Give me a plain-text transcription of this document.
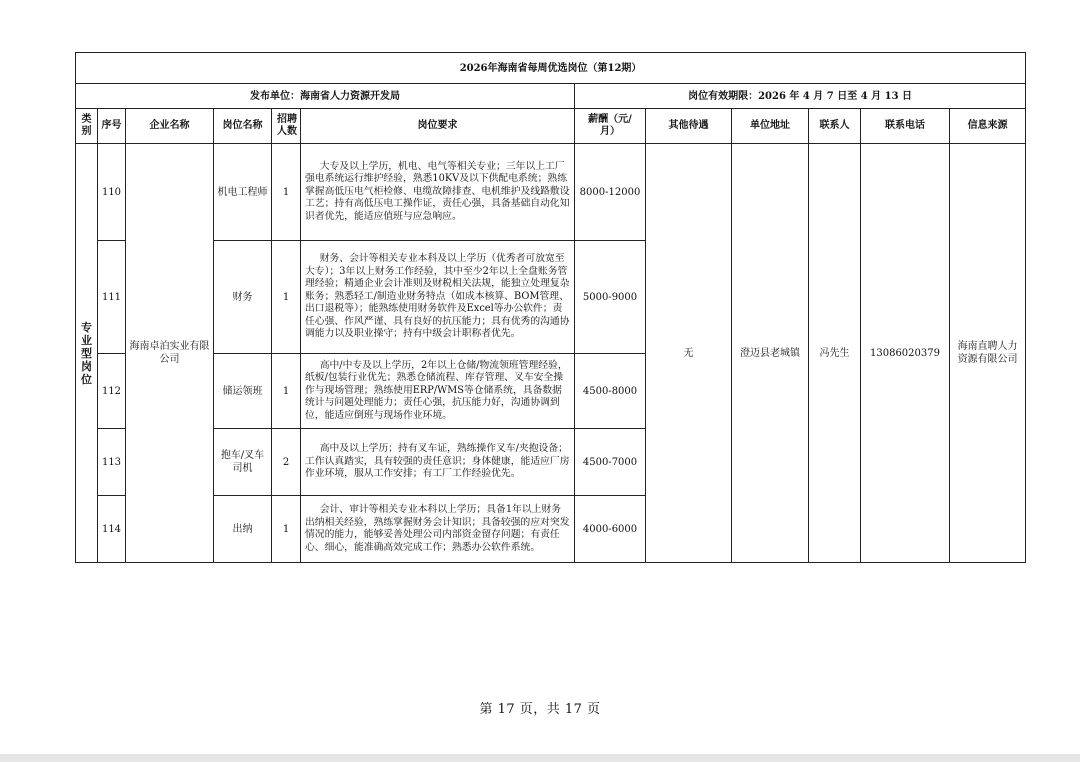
2026年海南省每周优选岗位（第12期）											
发布单位：海南省人力资源开发局						岗位有效期限：2026 年 4 月 7 日至 4 月 13 日					
类别	序号	企业名称	岗位名称	招聘人数	岗位要求	薪酬（元/月）	其他待遇	单位地址	联系人	联系电话	信息来源
专业型岗位	110	海南卓泊实业有限公司	机电工程师	1	大专及以上学历，机电、电气等相关专业；三年以上工厂强电系统运行维护经验，熟悉10KV及以下供配电系统；熟练掌握高低压电气柜检修、电缆故障排查、电机维护及线路敷设工艺；持有高低压电工操作证，责任心强，具备基础自动化知识者优先，能适应值班与应急响应。	8000-12000	无	澄迈县老城镇	冯先生	13086020379	海南直聘人力资源有限公司
	111		财务	1	财务、会计等相关专业本科及以上学历（优秀者可放宽至大专）；3年以上财务工作经验，其中至少2年以上全盘账务管理经验；精通企业会计准则及财税相关法规，能独立处理复杂账务；熟悉轻工/制造业财务特点（如成本核算、BOM管理、出口退税等）；能熟练使用财务软件及Excel等办公软件；责任心强、作风严谨、具有良好的抗压能力；具有优秀的沟通协调能力以及职业操守；持有中级会计职称者优先。	5000-9000					
	112		储运领班	1	高中/中专及以上学历，2年以上仓储/物流领班管理经验，纸板/包装行业优先；熟悉仓储流程、库存管理、叉车安全操作与现场管理；熟练使用ERP/WMS等仓储系统，具备数据统计与问题处理能力；责任心强，抗压能力好，沟通协调到位，能适应倒班与现场作业环境。	4500-8000					
	113		抱车/叉车司机	2	高中及以上学历；持有叉车证，熟练操作叉车/夹抱设备；工作认真踏实，具有较强的责任意识；身体健康，能适应厂房作业环境，服从工作安排；有工厂工作经验优先。	4500-7000					
	114		出纳	1	会计、审计等相关专业本科以上学历；具备1年以上财务出纳相关经验，熟练掌握财务会计知识；具备较强的应对突发情况的能力，能够妥善处理公司内部资金留存问题；有责任心、细心，能准确高效完成工作；熟悉办公软件系统。	4000-6000					
第 17 页，共 17 页
